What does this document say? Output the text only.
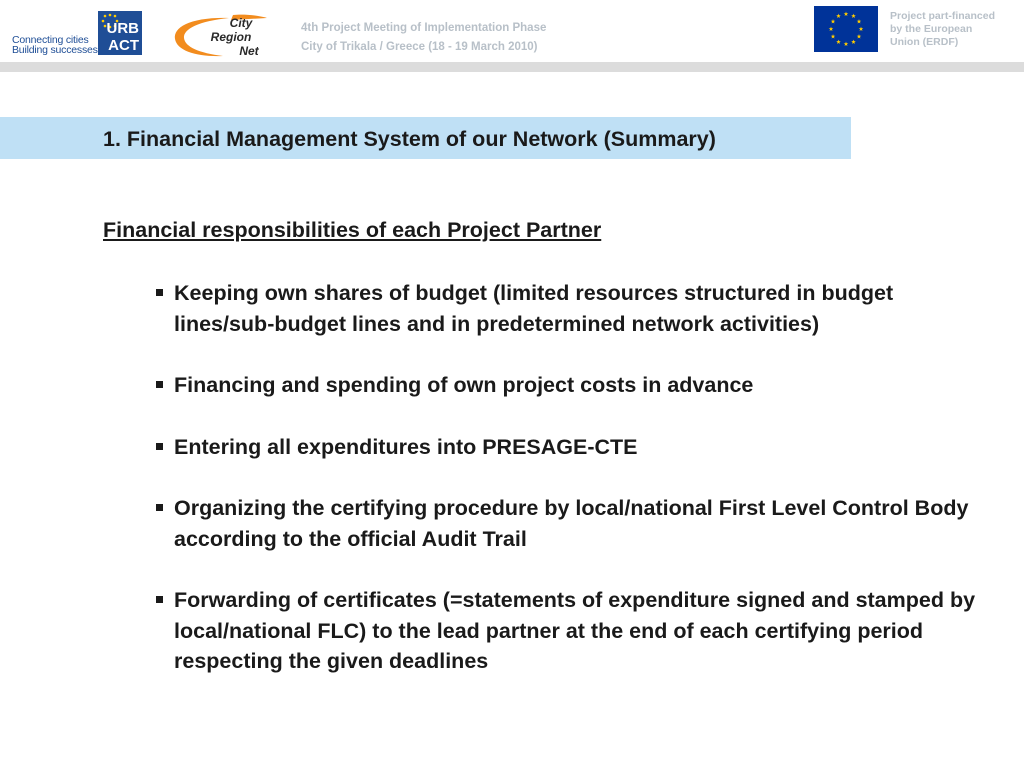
Connecting cities
Building successes
URB
ACT
City
Region
Net
4th Project Meeting of Implementation Phase
City of Trikala / Greece (18 - 19 March 2010)
Project part-financed
by the European
Union (ERDF)
1. Financial Management System of our Network (Summary)
Financial responsibilities of each Project Partner
Keeping own shares of budget (limited resources structured in budget lines/sub-budget lines and in predetermined network activities)
Financing and spending of own project costs in advance
Entering all expenditures into PRESAGE-CTE
Organizing the certifying procedure by local/national First Level Control Body according to the official Audit Trail
Forwarding of certificates (=statements of expenditure signed and stamped by local/national FLC) to the lead partner at the end of each certifying period respecting the given deadlines
